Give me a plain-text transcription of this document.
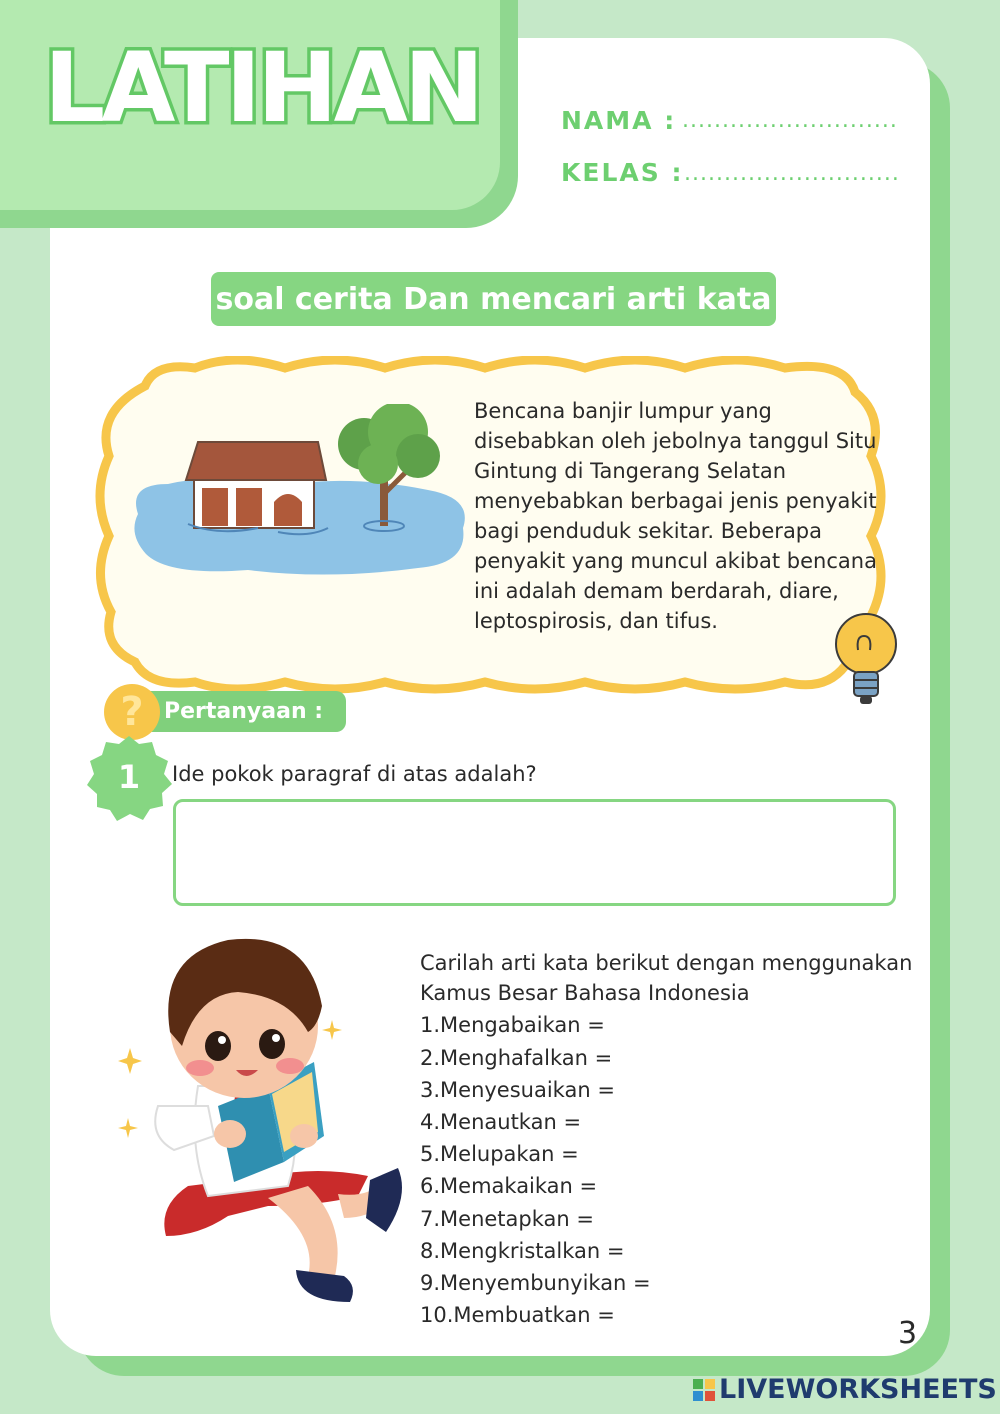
LATIHAN	NAMA : ...........................
KELAS : ...........................
soal cerita Dan mencari arti kata
Bencana banjir lumpur yang disebabkan oleh jebolnya tanggul Situ Gintung di Tangerang Selatan menyebabkan berbagai jenis penyakit bagi penduduk sekitar. Beberapa penyakit yang muncul akibat bencana ini adalah demam berdarah, diare, leptospirosis, dan tifus.
Pertanyaan :
?
1 Ide pokok paragraf di atas adalah?
Carilah arti kata berikut dengan menggunakan
Kamus Besar Bahasa Indonesia
1.Mengabaikan =
2.Menghafalkan =
3.Menyesuaikan =
4.Menautkan =
5.Melupakan =
6.Memakaikan =
7.Menetapkan =
8.Mengkristalkan =
9.Menyembunyikan =
10.Membuatkan =
3
LIVEWORKSHEETS
